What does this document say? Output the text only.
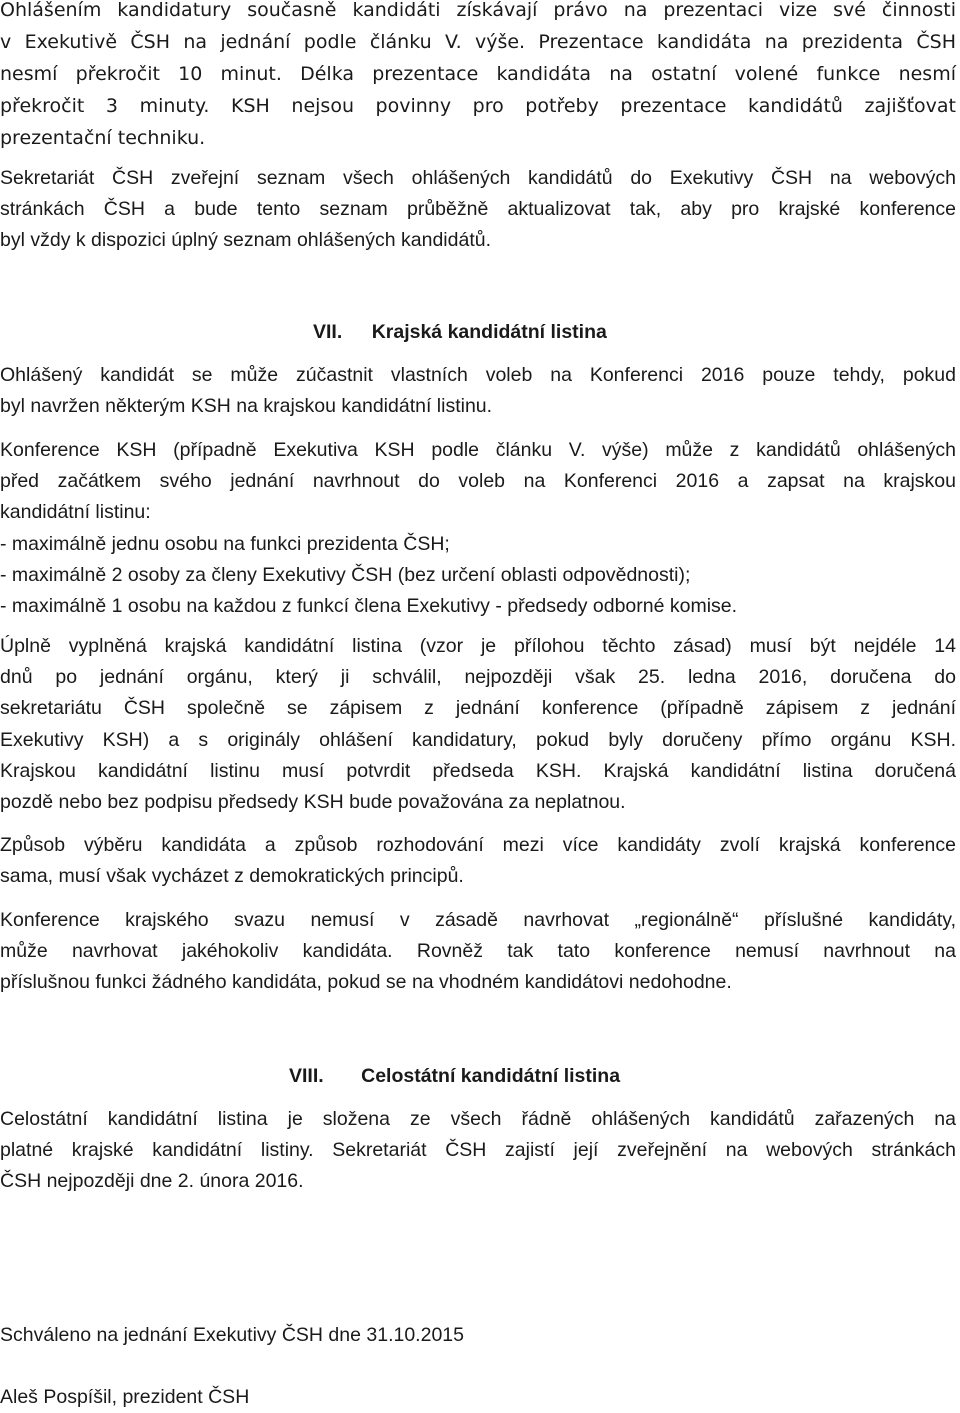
Ohlášením kandidatury současně kandidáti získávají právo na prezentaci vize své činnosti
v Exekutivě ČSH na jednání podle článku V. výše. Prezentace kandidáta na prezidenta ČSH
nesmí překročit 10 minut. Délka prezentace kandidáta na ostatní volené funkce nesmí
překročit 3 minuty. KSH nejsou povinny pro potřeby prezentace kandidátů zajišťovat
prezentační techniku.
Sekretariát ČSH zveřejní seznam všech ohlášených kandidátů do Exekutivy ČSH na webových
stránkách ČSH a bude tento seznam průběžně aktualizovat tak, aby pro krajské konference
byl vždy k dispozici úplný seznam ohlášených kandidátů.
VII. Krajská kandidátní listina
Ohlášený kandidát se může zúčastnit vlastních voleb na Konferenci 2016 pouze tehdy, pokud
byl navržen některým KSH na krajskou kandidátní listinu.
Konference KSH (případně Exekutiva KSH podle článku V. výše) může z kandidátů ohlášených
před začátkem svého jednání navrhnout do voleb na Konferenci 2016 a zapsat na krajskou
kandidátní listinu:
- maximálně jednu osobu na funkci prezidenta ČSH;
- maximálně 2 osoby za členy Exekutivy ČSH (bez určení oblasti odpovědnosti);
- maximálně 1 osobu na každou z funkcí člena Exekutivy - předsedy odborné komise.
Úplně vyplněná krajská kandidátní listina (vzor je přílohou těchto zásad) musí být nejdéle 14
dnů po jednání orgánu, který ji schválil, nejpozději však 25. ledna 2016, doručena do
sekretariátu ČSH společně se zápisem z jednání konference (případně zápisem z jednání
Exekutivy KSH) a s originály ohlášení kandidatury, pokud byly doručeny přímo orgánu KSH.
Krajskou kandidátní listinu musí potvrdit předseda KSH. Krajská kandidátní listina doručená
pozdě nebo bez podpisu předsedy KSH bude považována za neplatnou.
Způsob výběru kandidáta a způsob rozhodování mezi více kandidáty zvolí krajská konference
sama, musí však vycházet z demokratických principů.
Konference krajského svazu nemusí v zásadě navrhovat „regionálně“ příslušné kandidáty,
může navrhovat jakéhokoliv kandidáta. Rovněž tak tato konference nemusí navrhnout na
příslušnou funkci žádného kandidáta, pokud se na vhodném kandidátovi nedohodne.
VIII. Celostátní kandidátní listina
Celostátní kandidátní listina je složena ze všech řádně ohlášených kandidátů zařazených na
platné krajské kandidátní listiny. Sekretariát ČSH zajistí její zveřejnění na webových stránkách
ČSH nejpozději dne 2. února 2016.
Schváleno na jednání Exekutivy ČSH dne 31.10.2015
Aleš Pospíšil, prezident ČSH
